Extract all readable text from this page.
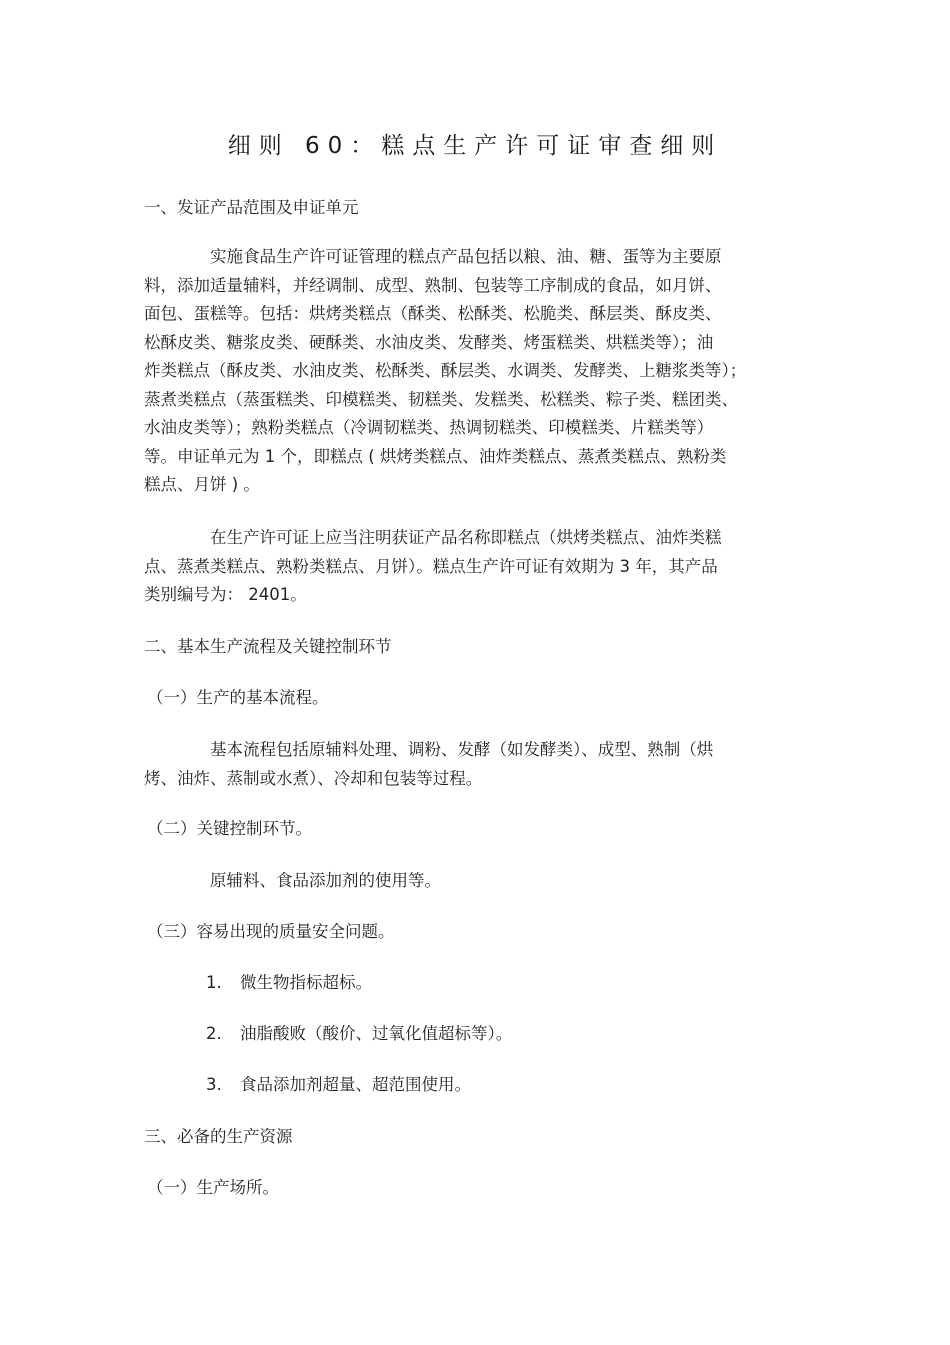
细则 60：糕点生产许可证审查细则
一、发证产品范围及申证单元
实施食品生产许可证管理的糕点产品包括以粮、油、糖、蛋等为主要原
料，添加适量辅料，并经调制、成型、熟制、包装等工序制成的食品，如月饼、
面包、蛋糕等。包括：烘烤类糕点（酥类、松酥类、松脆类、酥层类、酥皮类、
松酥皮类、糖浆皮类、硬酥类、水油皮类、发酵类、烤蛋糕类、烘糕类等）；油
炸类糕点（酥皮类、水油皮类、松酥类、酥层类、水调类、发酵类、上糖浆类等）；
蒸煮类糕点（蒸蛋糕类、印模糕类、韧糕类、发糕类、松糕类、粽子类、糕团类、
水油皮类等）；熟粉类糕点（冷调韧糕类、热调韧糕类、印模糕类、片糕类等）
等。申证单元为 1 个，即糕点 ( 烘烤类糕点、油炸类糕点、蒸煮类糕点、熟粉类
糕点、月饼 ) 。
在生产许可证上应当注明获证产品名称即糕点（烘烤类糕点、油炸类糕
点、蒸煮类糕点、熟粉类糕点、月饼）。糕点生产许可证有效期为 3 年，其产品
类别编号为： 2401。
二、基本生产流程及关键控制环节
（一）生产的基本流程。
基本流程包括原辅料处理、调粉、发酵（如发酵类）、成型、熟制（烘
烤、油炸、蒸制或水煮）、冷却和包装等过程。
（二）关键控制环节。
原辅料、食品添加剂的使用等。
（三）容易出现的质量安全问题。
1. 微生物指标超标。
2. 油脂酸败（酸价、过氧化值超标等）。
3. 食品添加剂超量、超范围使用。
三、必备的生产资源
（一）生产场所。
